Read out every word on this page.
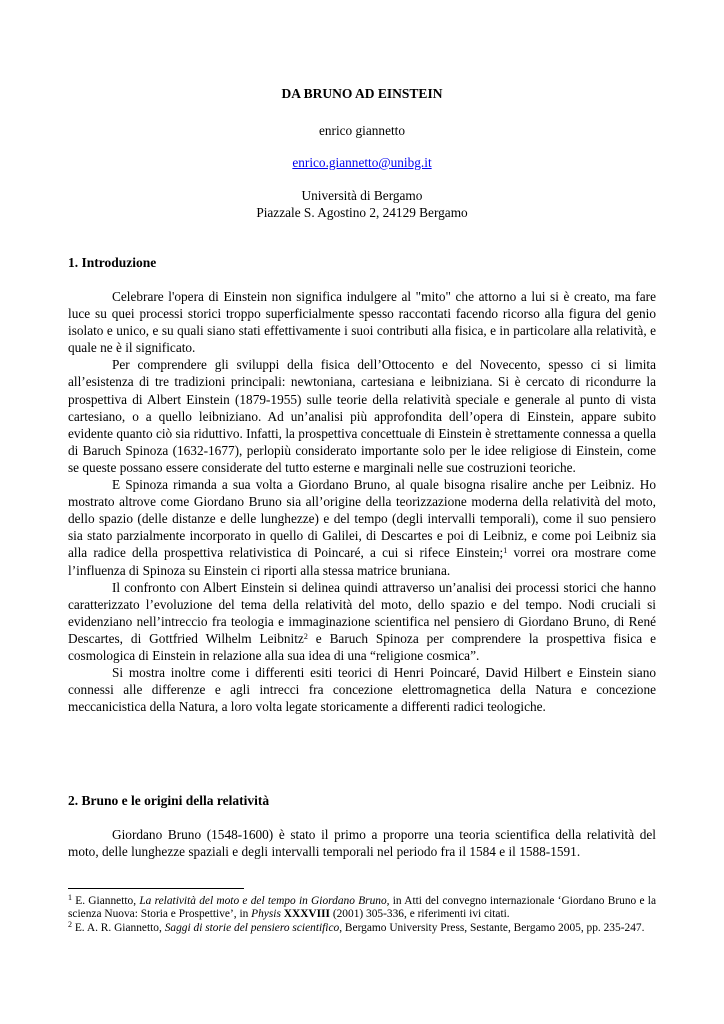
DA BRUNO AD EINSTEIN
enrico giannetto
enrico.giannetto@unibg.it
Università di Bergamo
Piazzale S. Agostino 2, 24129 Bergamo
1. Introduzione

Celebrare l'opera di Einstein non significa indulgere al "mito" che attorno a lui si è creato, ma fare luce su quei processi storici troppo superficialmente spesso raccontati facendo ricorso alla figura del genio isolato e unico, e su quali siano stati effettivamente i suoi contributi alla fisica, e in particolare alla relatività, e quale ne è il significato.

Per comprendere gli sviluppi della fisica dell’Ottocento e del Novecento, spesso ci si limita all’esistenza di tre tradizioni principali: newtoniana, cartesiana e leibniziana. Si è cercato di ricondurre la prospettiva di Albert Einstein (1879-1955) sulle teorie della relatività speciale e generale al punto di vista cartesiano, o a quello leibniziano. Ad un’analisi più approfondita dell’opera di Einstein, appare subito evidente quanto ciò sia riduttivo. Infatti, la prospettiva concettuale di Einstein è strettamente connessa a quella di Baruch Spinoza (1632-1677), perlopiù considerato importante solo per le idee religiose di Einstein, come se queste possano essere considerate del tutto esterne e marginali nelle sue costruzioni teoriche.

E Spinoza rimanda a sua volta a Giordano Bruno, al quale bisogna risalire anche per Leibniz. Ho mostrato altrove come Giordano Bruno sia all’origine della teorizzazione moderna della relatività del moto, dello spazio (delle distanze e delle lunghezze) e del tempo (degli intervalli temporali), come il suo pensiero sia stato parzialmente incorporato in quello di Galilei, di Descartes e poi di Leibniz, e come poi Leibniz sia alla radice della prospettiva relativistica di Poincaré, a cui si rifece Einstein;$^1$ vorrei ora mostrare come l’influenza di Spinoza su Einstein ci riporti alla stessa matrice bruniana.

Il confronto con Albert Einstein si delinea quindi attraverso un’analisi dei processi storici che hanno caratterizzato l’evoluzione del tema della relatività del moto, dello spazio e del tempo. Nodi cruciali si evidenziano nell’intreccio fra teologia e immaginazione scientifica nel pensiero di Giordano Bruno, di René Descartes, di Gottfried Wilhelm Leibnitz$^2$ e Baruch Spinoza per comprendere la prospettiva fisica e cosmologica di Einstein in relazione alla sua idea di una “religione cosmica”.

Si mostra inoltre come i differenti esiti teorici di Henri Poincaré, David Hilbert e Einstein siano connessi alle differenze e agli intrecci fra concezione elettromagnetica della Natura e concezione meccanicistica della Natura, a loro volta legate storicamente a differenti radici teologiche.

2. Bruno e le origini della relatività

Giordano Bruno (1548-1600) è stato il primo a proporre una teoria scientifica della relatività del moto, delle lunghezze spaziali e degli intervalli temporali nel periodo fra il 1584 e il 1588-1591.

$^1$ E. Giannetto, La relatività del moto e del tempo in Giordano Bruno, in Atti del convegno internazionale ‘Giordano Bruno e la scienza Nuova: Storia e Prospettive’, in Physis XXXVIII (2001) 305-336, e riferimenti ivi citati.

$^2$ E. A. R. Giannetto, Saggi di storie del pensiero scientifico, Bergamo University Press, Sestante, Bergamo 2005, pp. 235-247.
